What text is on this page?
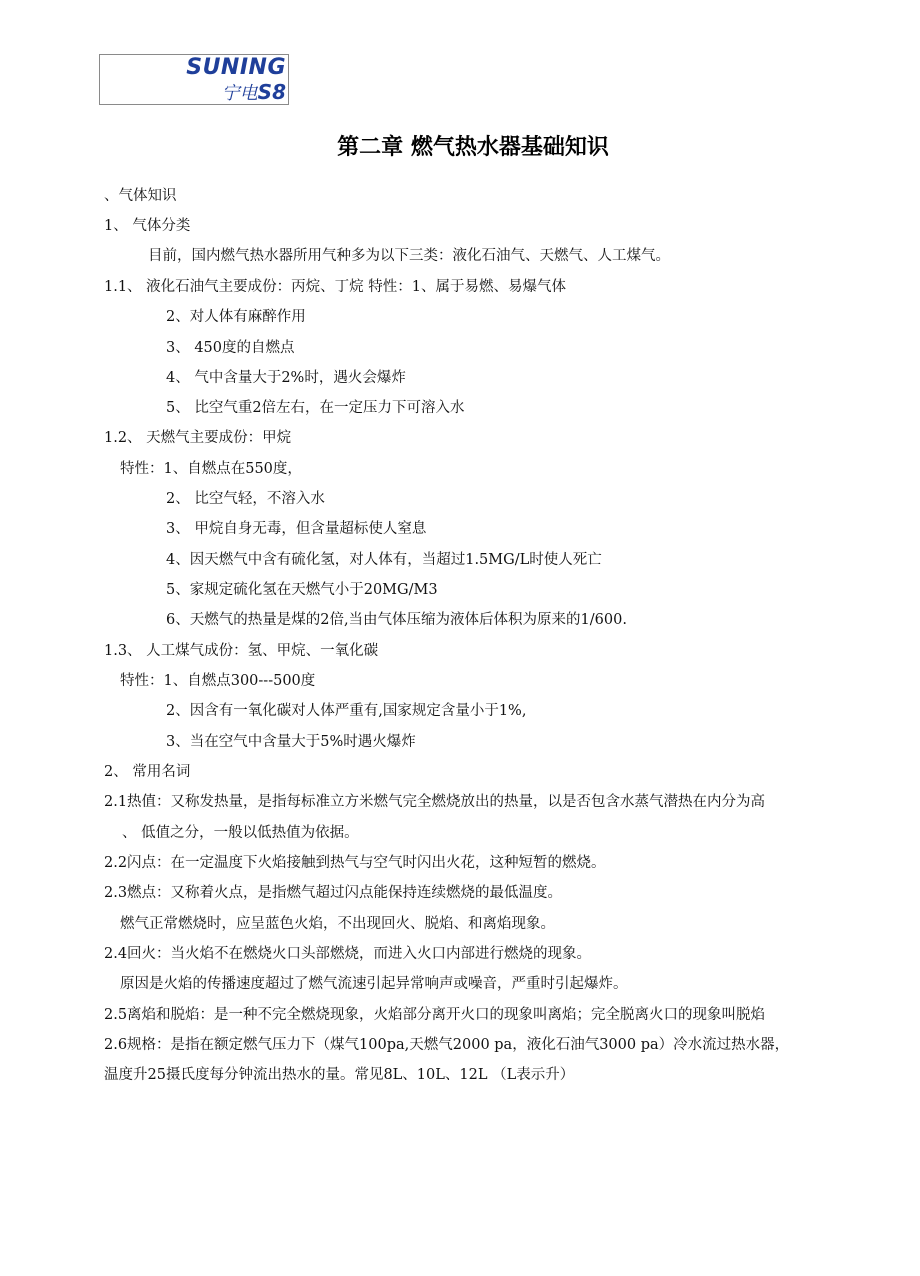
SUNING
宁电S8
第二章 燃气热水器基础知识
、气体知识
1、 气体分类
目前，国内燃气热水器所用气种多为以下三类：液化石油气、天燃气、人工煤气。
1.1、 液化石油气主要成份：丙烷、丁烷 特性：1、属于易燃、易爆气体
2、对人体有麻醉作用
3、 450度的自燃点
4、 气中含量大于2%时，遇火会爆炸
5、 比空气重2倍左右，在一定压力下可溶入水
1.2、 天燃气主要成份：甲烷
特性：1、自燃点在550度，
2、 比空气轻，不溶入水
3、 甲烷自身无毒，但含量超标使人窒息
4、因天燃气中含有硫化氢，对人体有，当超过1.5MG/L时使人死亡
5、家规定硫化氢在天燃气小于20MG/M3
6、天燃气的热量是煤的2倍,当由气体压缩为液体后体积为原来的1/600.
1.3、 人工煤气成份：氢、甲烷、一氧化碳
特性：1、自燃点300---500度
2、因含有一氧化碳对人体严重有,国家规定含量小于1%,
3、当在空气中含量大于5%时遇火爆炸
2、 常用名词
2.1热值：又称发热量，是指每标准立方米燃气完全燃烧放出的热量，以是否包含水蒸气潜热在内分为高
、 低值之分，一般以低热值为依据。
2.2闪点：在一定温度下火焰接触到热气与空气时闪出火花，这种短暂的燃烧。
2.3燃点：又称着火点，是指燃气超过闪点能保持连续燃烧的最低温度。
燃气正常燃烧时，应呈蓝色火焰，不出现回火、脱焰、和离焰现象。
2.4回火：当火焰不在燃烧火口头部燃烧，而进入火口内部进行燃烧的现象。
原因是火焰的传播速度超过了燃气流速引起异常响声或噪音，严重时引起爆炸。
2.5离焰和脱焰：是一种不完全燃烧现象，火焰部分离开火口的现象叫离焰；完全脱离火口的现象叫脱焰
2.6规格：是指在额定燃气压力下（煤气100pa,天燃气2000 pa，液化石油气3000 pa）冷水流过热水器，
温度升25摄氏度每分钟流出热水的量。常见8L、10L、12L （L表示升）
